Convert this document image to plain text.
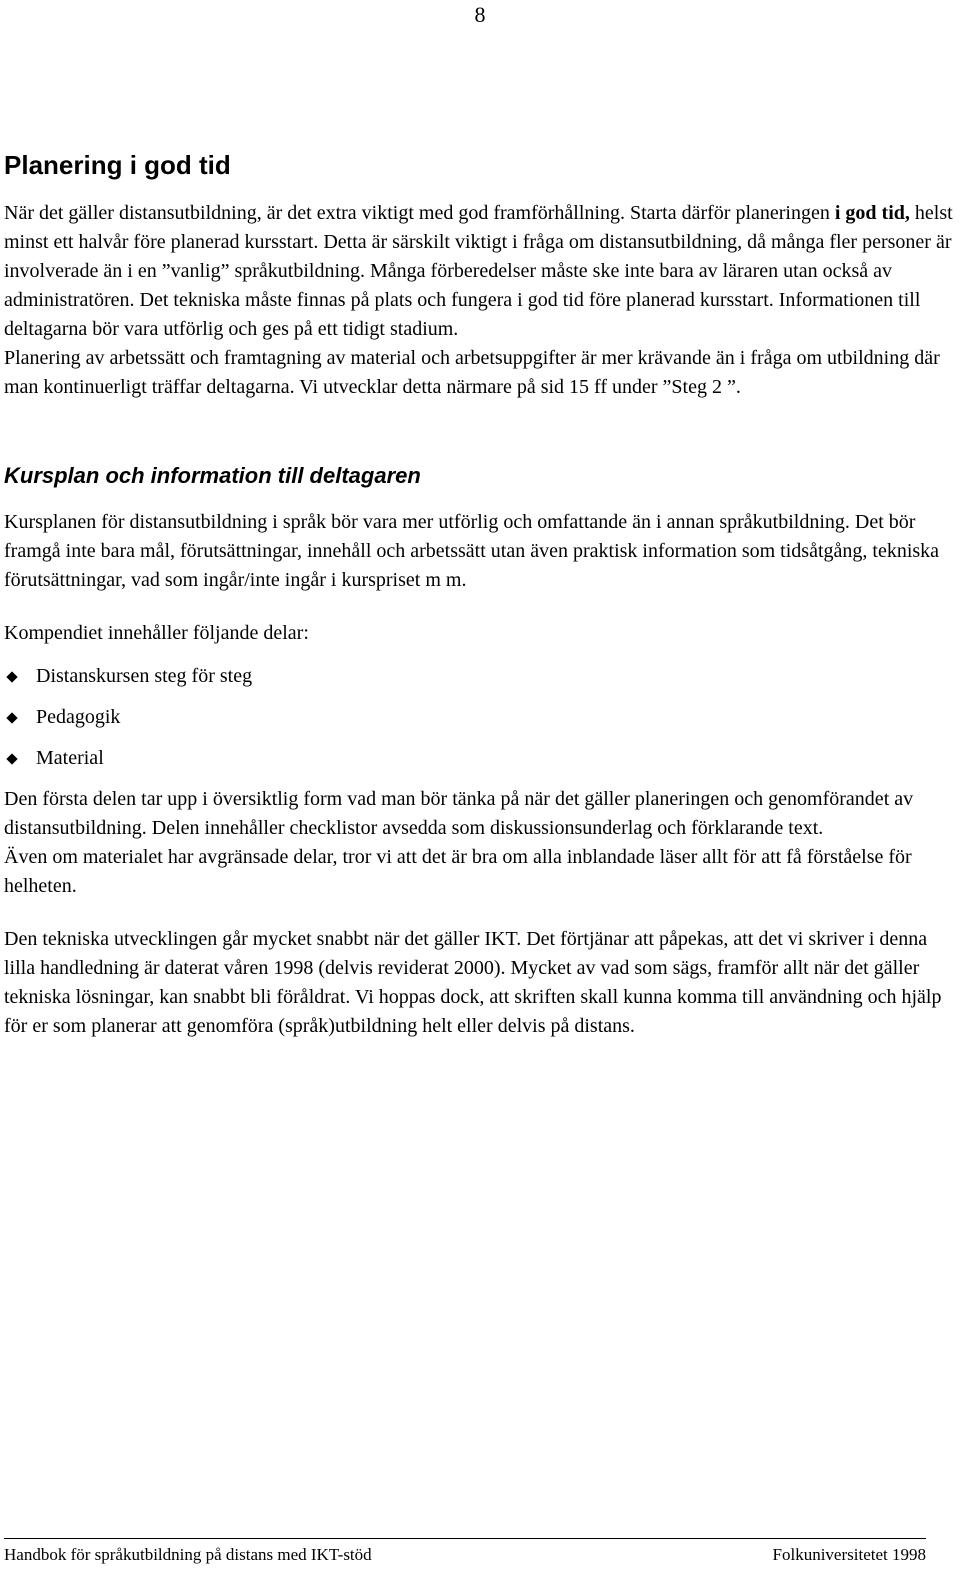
8
Planering i god tid

När det gäller distansutbildning, är det extra viktigt med god framförhållning. Starta därför planeringen i god tid, helst minst ett halvår före planerad kursstart. Detta är särskilt viktigt i fråga om distansutbildning, då många fler personer är involverade än i en ”vanlig” språkutbildning. Många förberedelser måste ske inte bara av läraren utan också av administratören. Det tekniska måste finnas på plats och fungera i god tid före planerad kursstart. Informationen till deltagarna bör vara utförlig och ges på ett tidigt stadium.

Planering av arbetssätt och framtagning av material och arbetsuppgifter är mer krävande än i fråga om utbildning där man kontinuerligt träffar deltagarna. Vi utvecklar detta närmare på sid 15 ff under ”Steg 2 ”.

Kursplan och information till deltagaren

Kursplanen för distansutbildning i språk bör vara mer utförlig och omfattande än i annan språkutbildning. Det bör framgå inte bara mål, förutsättningar, innehåll och arbetssätt utan även praktisk information som tidsåtgång, tekniska förutsättningar, vad som ingår/inte ingår i kurspriset m m.

Kompendiet innehåller följande delar:

Distanskursen steg för steg
Pedagogik
Material

Den första delen tar upp i översiktlig form vad man bör tänka på när det gäller planeringen och genomförandet av distansutbildning. Delen innehåller checklistor avsedda som diskussionsunderlag och förklarande text.

Även om materialet har avgränsade delar, tror vi att det är bra om alla inblandade läser allt för att få förståelse för helheten.

Den tekniska utvecklingen går mycket snabbt när det gäller IKT. Det förtjänar att påpekas, att det vi skriver i denna lilla handledning är daterat våren 1998 (delvis reviderat 2000). Mycket av vad som sägs, framför allt när det gäller tekniska lösningar, kan snabbt bli föråldrat. Vi hoppas dock, att skriften skall kunna komma till användning och hjälp för er som planerar att genomföra (språk)utbildning helt eller delvis på distans.

Handbok för språkutbildning på distans med IKT-stöd	Folkuniversitetet 1998
